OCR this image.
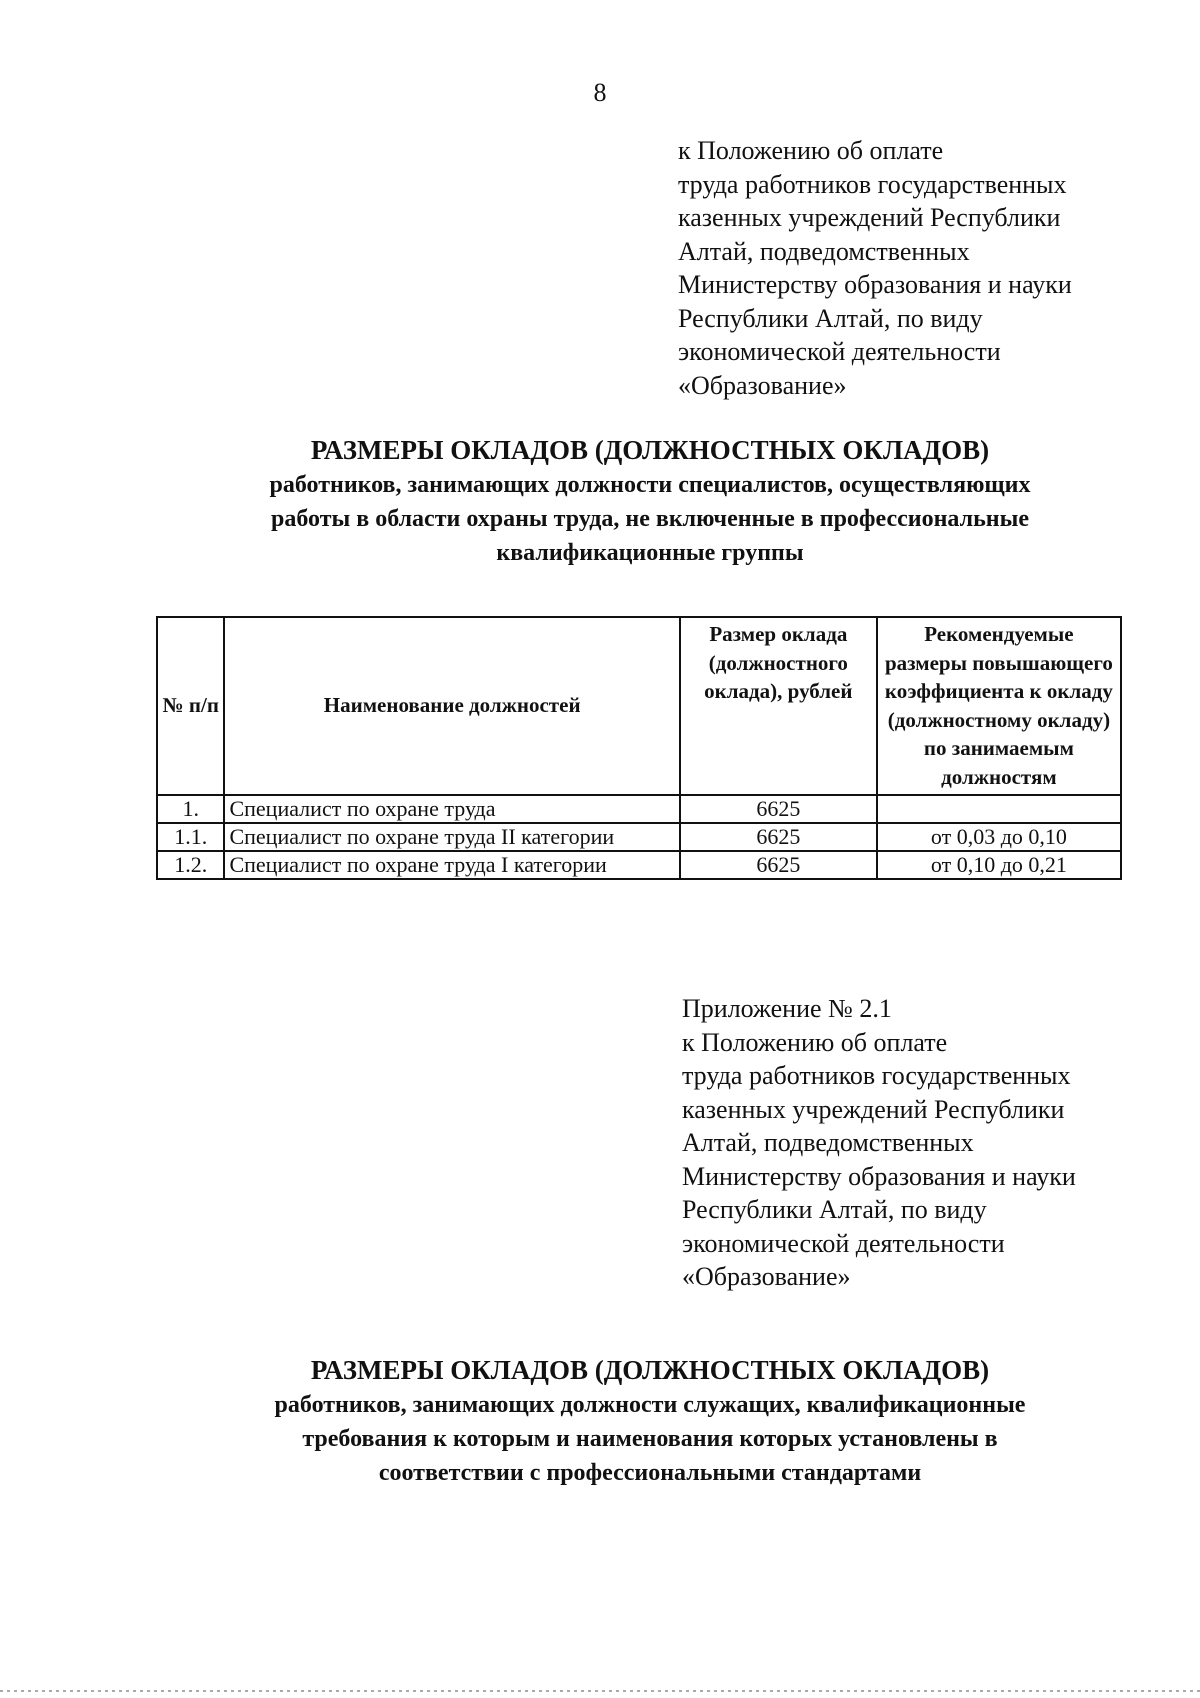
8
к Положению об оплате
труда работников государственных
казенных учреждений Республики
Алтай, подведомственных
Министерству образования и науки
Республики Алтай, по виду
экономической деятельности
«Образование»
РАЗМЕРЫ ОКЛАДОВ (ДОЛЖНОСТНЫХ ОКЛАДОВ)
работников, занимающих должности специалистов, осуществляющих
работы в области охраны труда, не включенные в профессиональные
квалификационные группы
№ п/п	Наименование должностей	Размер оклада (должностного оклада), рублей	Рекомендуемые размеры повышающего коэффициента к окладу (должностному окладу) по занимаемым должностям
1.	Специалист по охране труда	6625	
1.1.	Специалист по охране труда II категории	6625	от 0,03 до 0,10
1.2.	Специалист по охране труда I категории	6625	от 0,10 до 0,21
Приложение № 2.1
к Положению об оплате
труда работников государственных
казенных учреждений Республики
Алтай, подведомственных
Министерству образования и науки
Республики Алтай, по виду
экономической деятельности
«Образование»
РАЗМЕРЫ ОКЛАДОВ (ДОЛЖНОСТНЫХ ОКЛАДОВ)
работников, занимающих должности служащих, квалификационные
требования к которым и наименования которых установлены в
соответствии с профессиональными стандартами
